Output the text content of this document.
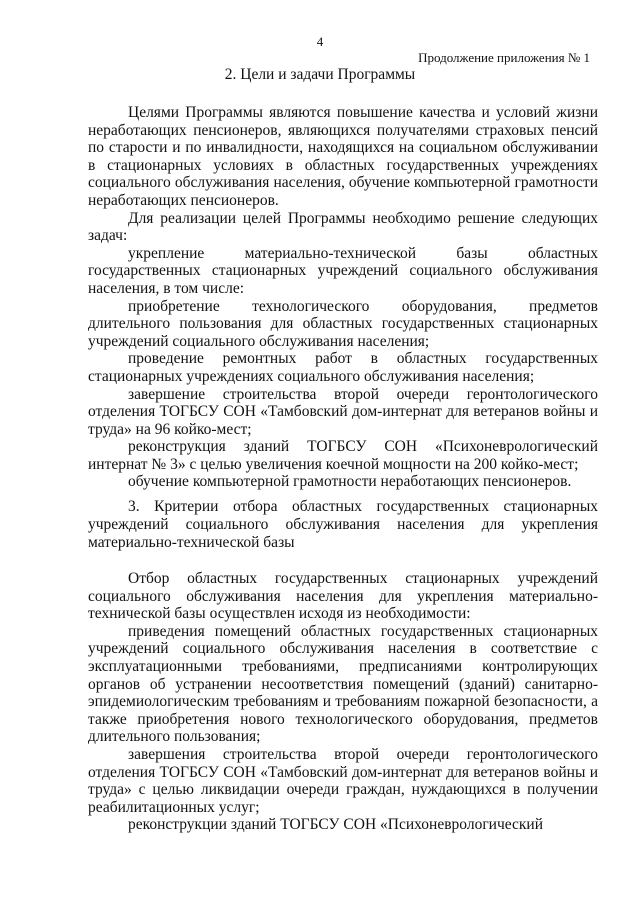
4
Продолжение приложения № 1
2. Цели и задачи Программы

Целями Программы являются повышение качества и условий жизни неработающих пенсионеров, являющихся получателями страховых пенсий по старости и по инвалидности, находящихся на социальном обслуживании в стационарных условиях в областных государственных учреждениях социального обслуживания населения, обучение компьютерной грамотности неработающих пенсионеров.

Для реализации целей Программы необходимо решение следующих задач:

укрепление материально-технической базы областных государственных стационарных учреждений социального обслуживания населения, в том числе:

приобретение технологического оборудования, предметов длительного пользования для областных государственных стационарных учреждений социального обслуживания населения;

проведение ремонтных работ в областных государственных стационарных учреждениях социального обслуживания населения;

завершение строительства второй очереди геронтологического отделения ТОГБСУ СОН «Тамбовский дом-интернат для ветеранов войны и труда» на 96 койко-мест;

реконструкция зданий ТОГБСУ СОН «Психоневрологический интернат № 3» с целью увеличения коечной мощности на 200 койко-мест;

обучение компьютерной грамотности неработающих пенсионеров.

3. Критерии отбора областных государственных стационарных учреждений социального обслуживания населения для укрепления материально-технической базы

Отбор областных государственных стационарных учреждений социального обслуживания населения для укрепления материально-технической базы осуществлен исходя из необходимости:

приведения помещений областных государственных стационарных учреждений социального обслуживания населения в соответствие с эксплуатационными требованиями, предписаниями контролирующих органов об устранении несоответствия помещений (зданий) санитарно-эпидемиологическим требованиям и требованиям пожарной безопасности, а также приобретения нового технологического оборудования, предметов длительного пользования;

завершения строительства второй очереди геронтологического отделения ТОГБСУ СОН «Тамбовский дом-интернат для ветеранов войны и труда» с целью ликвидации очереди граждан, нуждающихся в получении реабилитационных услуг;

реконструкции зданий ТОГБСУ СОН «Психоневрологический
